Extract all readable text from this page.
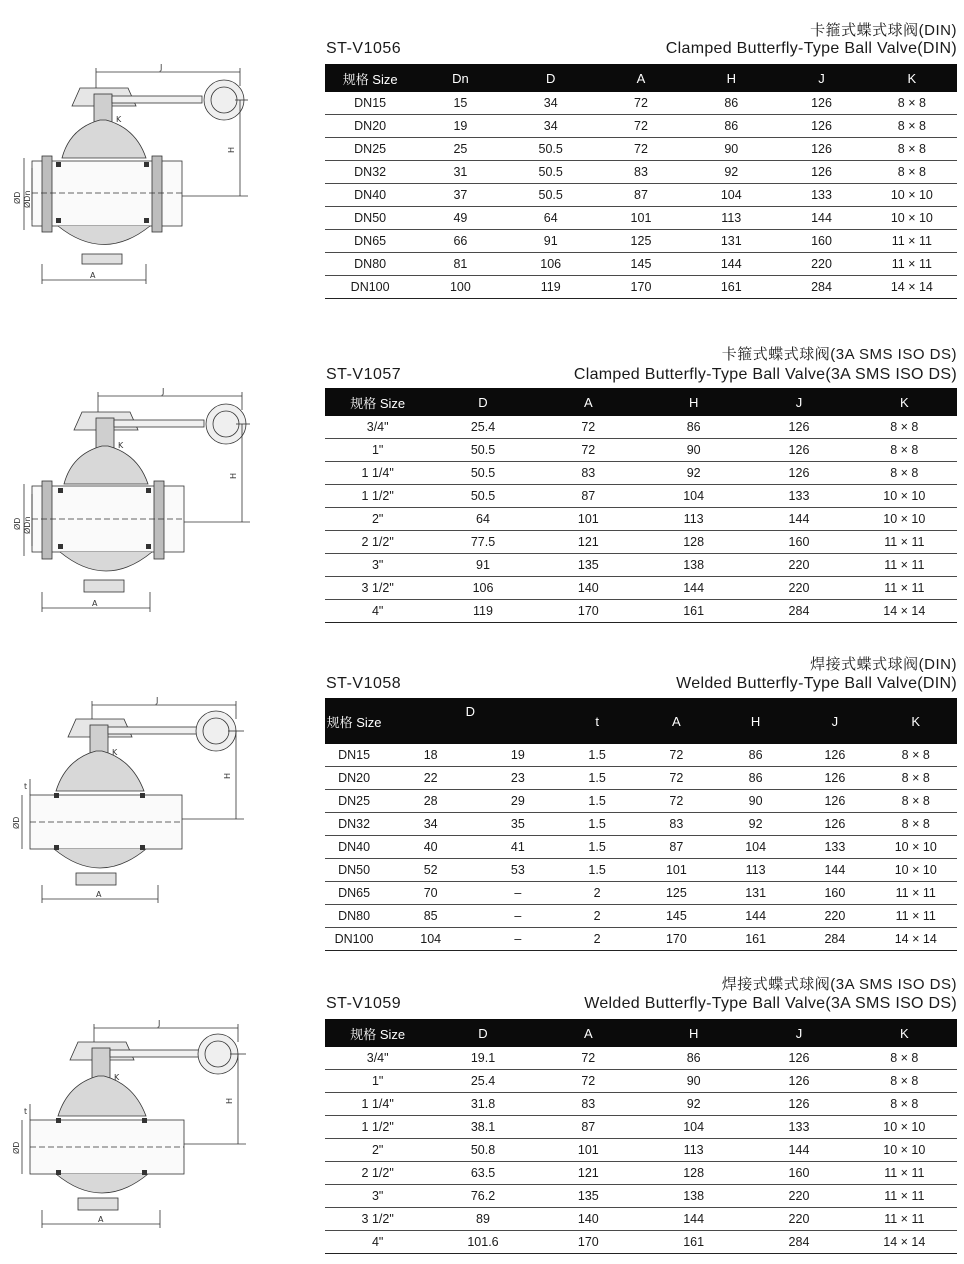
J
K
H
ØD ØDn
A
卡箍式蝶式球阀(DIN)
ST-V1056	Clamped Butterfly-Type Ball Valve(DIN)
规格 Size	Dn	D	A	H	J	K
DN15	15	34	72	86	126	8 × 8
DN20	19	34	72	86	126	8 × 8
DN25	25	50.5	72	90	126	8 × 8
DN32	31	50.5	83	92	126	8 × 8
DN40	37	50.5	87	104	133	10 × 10
DN50	49	64	101	113	144	10 × 10
DN65	66	91	125	131	160	11 × 11
DN80	81	106	145	144	220	11 × 11
DN100	100	119	170	161	284	14 × 14
J
K
H
ØD ØDn
A
卡箍式蝶式球阀(3A SMS ISO DS)
ST-V1057	Clamped Butterfly-Type Ball Valve(3A SMS ISO DS)
规格 Size	D	A	H	J	K
3/4"	25.4	72	86	126	8 × 8
1"	50.5	72	90	126	8 × 8
1 1/4"	50.5	83	92	126	8 × 8
1 1/2"	50.5	87	104	133	10 × 10
2"	64	101	113	144	10 × 10
2 1/2"	77.5	121	128	160	11 × 11
3"	91	135	138	220	11 × 11
3 1/2"	106	140	144	220	11 × 11
4"	119	170	161	284	14 × 14
J
K
H
ØD
t
A
焊接式蝶式球阀(DIN)
ST-V1058	Welded Butterfly-Type Ball Valve(DIN)
规格 Size	D		t	A	H	J	K
DN15	18	19	1.5	72	86	126	8 × 8
DN20	22	23	1.5	72	86	126	8 × 8
DN25	28	29	1.5	72	90	126	8 × 8
DN32	34	35	1.5	83	92	126	8 × 8
DN40	40	41	1.5	87	104	133	10 × 10
DN50	52	53	1.5	101	113	144	10 × 10
DN65	70	–	2	125	131	160	11 × 11
DN80	85	–	2	145	144	220	11 × 11
DN100	104	–	2	170	161	284	14 × 14
J
K
H
ØD
t
A
焊接式蝶式球阀(3A SMS ISO DS)
ST-V1059	Welded Butterfly-Type Ball Valve(3A SMS ISO DS)
规格 Size	D	A	H	J	K
3/4"	19.1	72	86	126	8 × 8
1"	25.4	72	90	126	8 × 8
1 1/4"	31.8	83	92	126	8 × 8
1 1/2"	38.1	87	104	133	10 × 10
2"	50.8	101	113	144	10 × 10
2 1/2"	63.5	121	128	160	11 × 11
3"	76.2	135	138	220	11 × 11
3 1/2"	89	140	144	220	11 × 11
4"	101.6	170	161	284	14 × 14
